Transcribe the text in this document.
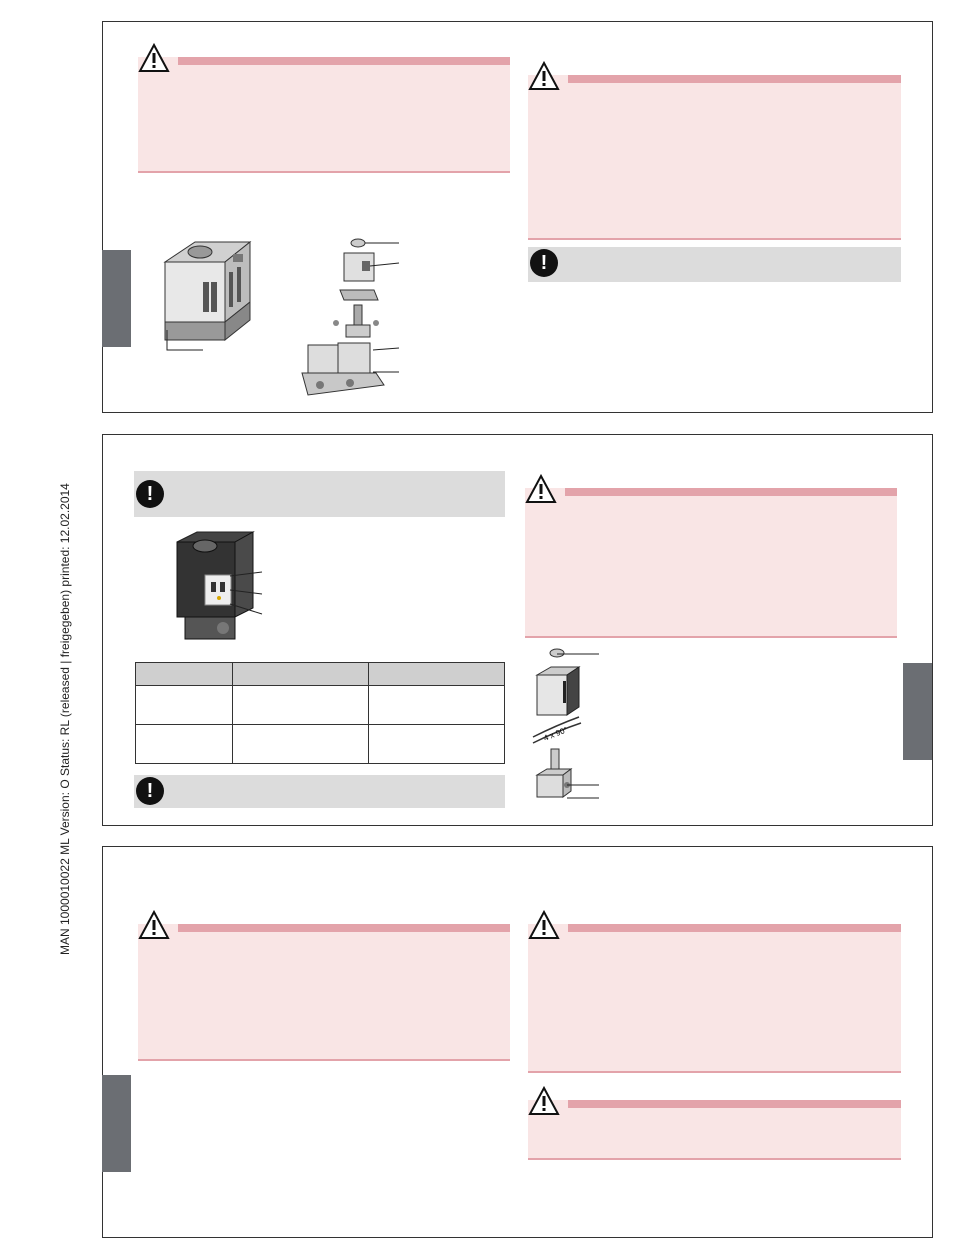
MAN 1000010022 ML Version: O Status: RL (released | freigegeben) printed: 12.02.2014
!
!

!
4 x 90°
